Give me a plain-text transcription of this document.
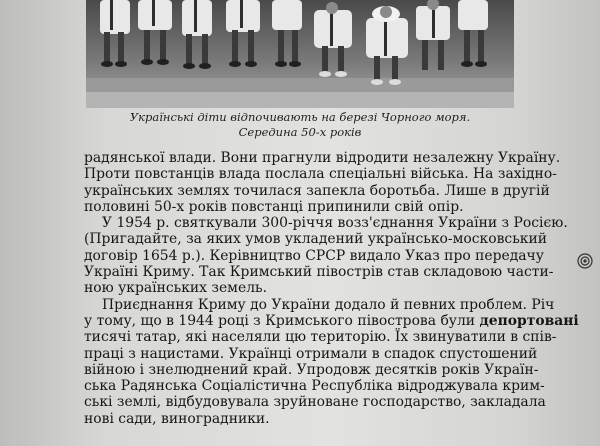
Українські діти відпочивають на березі Чорного моря.
Середина 50-х років
радянської влади. Вони прагнули відродити незалежну Україну.
Проти повстанців влада послала спеціальні війська. На західно-
українських землях точилася запекла боротьба. Лише в другій
половині 50-х років повстанці припинили свій опір.
У 1954 р. святкували 300-річчя возз'єднання України з Росією.
(Пригадайте, за яких умов укладений українсько-московський
договір 1654 р.). Керівництво СРСР видало Указ про передачу
Україні Криму. Так Кримський півострів став складовою части-
ною українських земель.
Приєднання Криму до України додало й певних проблем. Річ
у тому, що в 1944 році з Кримського півострова були депортовані
тисячі татар, які населяли цю територію. Їх звинуватили в спів-
праці з нацистами. Українці отримали в спадок спустошений
війною і знелюднений край. Упродовж десятків років Україн-
ська Радянська Соціалістична Республіка відроджувала крим-
ські землі, відбудовувала зруйноване господарство, закладала
нові сади, виноградники.
